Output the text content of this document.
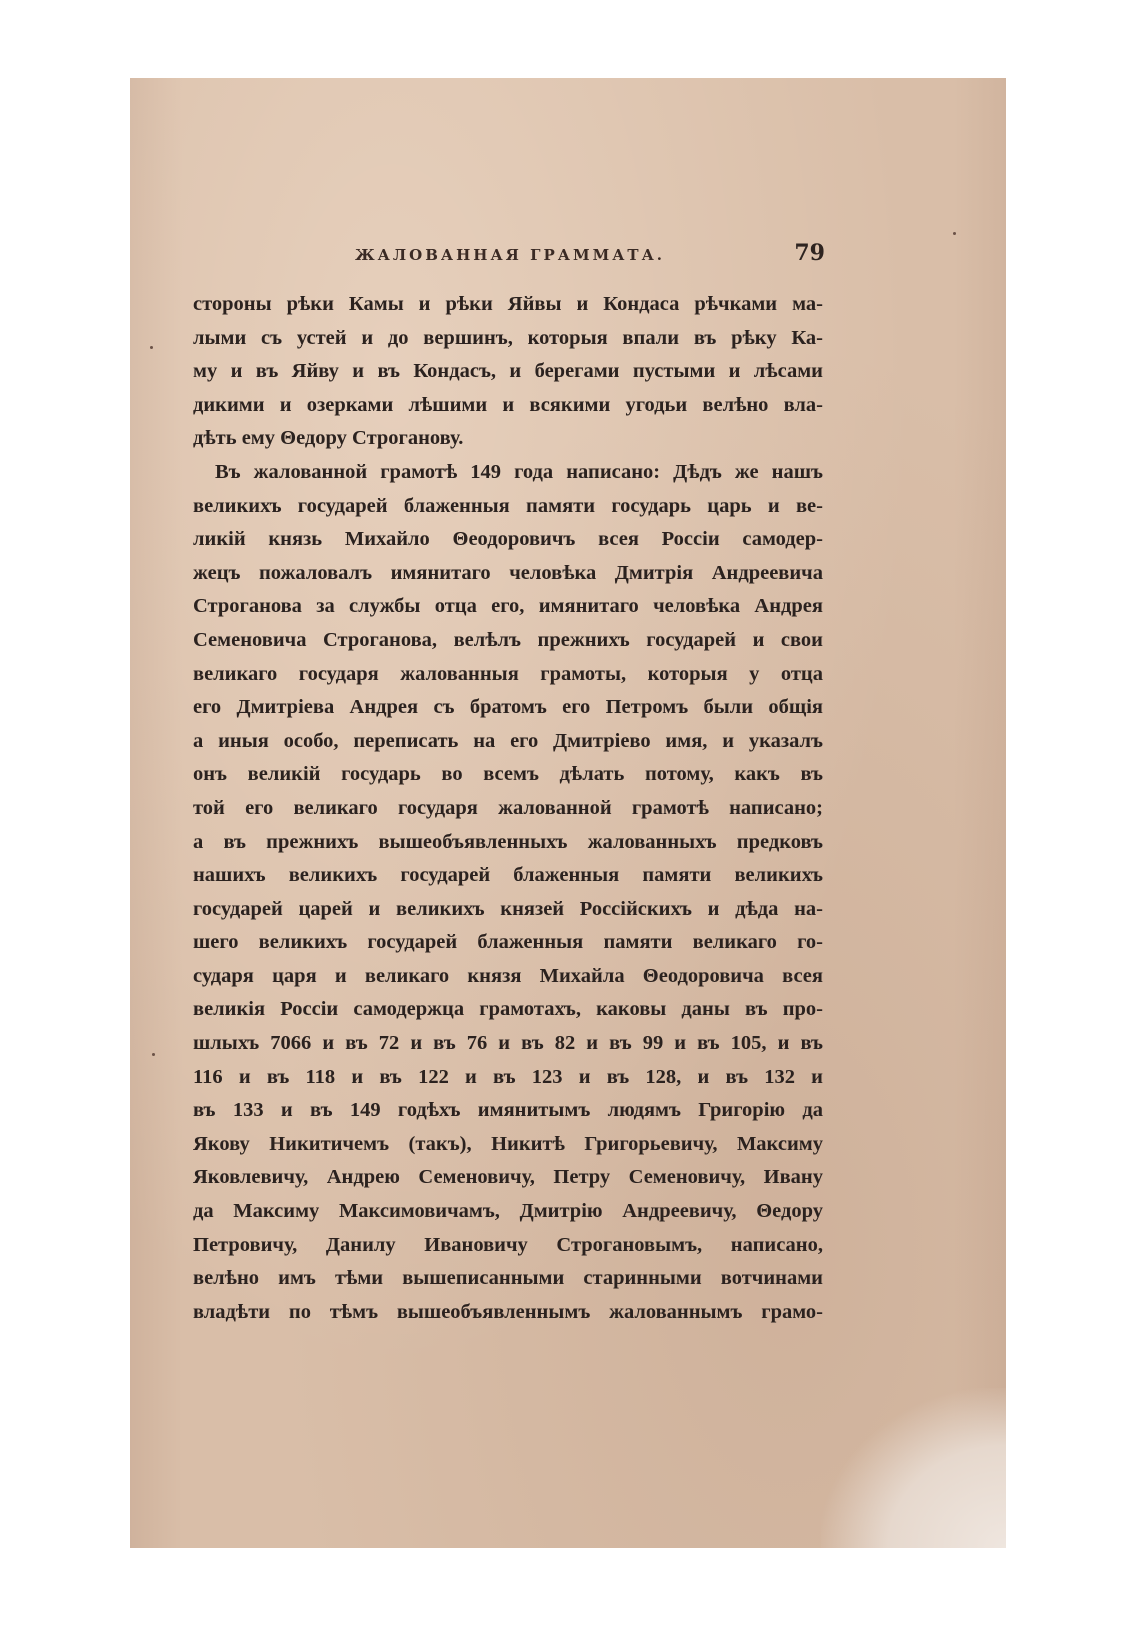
ЖАЛОВАННАЯ ГРАММАТА.	79
стороны рѣки Камы и рѣки Яйвы и Кондаса рѣчками ма-
лыми съ устей и до вершинъ, которыя впали въ рѣку Ка-
му и въ Яйву и въ Кондасъ, и берегами пустыми и лѣсами
дикими и озерками лѣшими и всякими угодьи велѣно вла-
дѣть ему Θедору Строганову.
Въ жалованной грамотѣ 149 года написано: Дѣдъ же нашъ
великихъ государей блаженныя памяти государь царь и ве-
ликій князь Михайло Θеодоровичъ всея Россіи самодер-
жецъ пожаловалъ имянитаго человѣка Дмитрія Андреевича
Строганова за службы отца его, имянитаго человѣка Андрея
Семеновича Строганова, велѣлъ прежнихъ государей и свои
великаго государя жалованныя грамоты, которыя у отца
его Дмитріева Андрея съ братомъ его Петромъ были общія
а иныя особо, переписать на его Дмитріево имя, и указалъ
онъ великій государь во всемъ дѣлать потому, какъ въ
той его великаго государя жалованной грамотѣ написано;
а въ прежнихъ вышеобъявленныхъ жалованныхъ предковъ
нашихъ великихъ государей блаженныя памяти великихъ
государей царей и великихъ князей Россійскихъ и дѣда на-
шего великихъ государей блаженныя памяти великаго го-
сударя царя и великаго князя Михайла Θеодоровича всея
великія Россіи самодержца грамотахъ, каковы даны въ про-
шлыхъ 7066 и въ 72 и въ 76 и въ 82 и въ 99 и въ 105, и въ
116 и въ 118 и въ 122 и въ 123 и въ 128, и въ 132 и
въ 133 и въ 149 годѣхъ имянитымъ людямъ Григорію да
Якову Никитичемъ (такъ), Никитѣ Григорьевичу, Максиму
Яковлевичу, Андрею Семеновичу, Петру Семеновичу, Ивану
да Максиму Максимовичамъ, Дмитрію Андреевичу, Θедору
Петровичу, Данилу Ивановичу Строгановымъ, написано,
велѣно имъ тѣми вышеписанными старинными вотчинами
владѣти по тѣмъ вышеобъявленнымъ жалованнымъ грамо-
